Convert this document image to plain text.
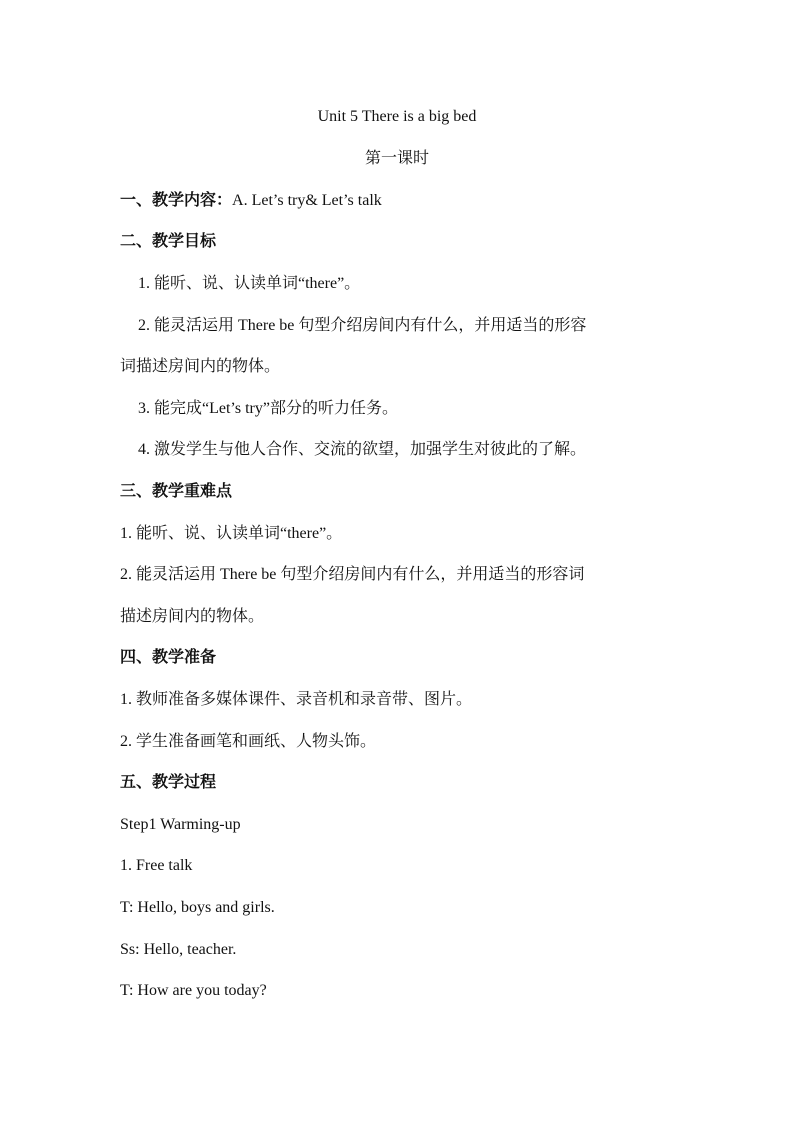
Unit 5 There is a big bed
第一课时
一、教学内容：A. Let’s try& Let’s talk
二、教学目标
1. 能听、说、认读单词“there”。
2. 能灵活运用 There be 句型介绍房间内有什么，并用适当的形容
词描述房间内的物体。
3. 能完成“Let’s try”部分的听力任务。
4. 激发学生与他人合作、交流的欲望，加强学生对彼此的了解。
三、教学重难点
1. 能听、说、认读单词“there”。
2. 能灵活运用 There be 句型介绍房间内有什么，并用适当的形容词
描述房间内的物体。
四、教学准备
1. 教师准备多媒体课件、录音机和录音带、图片。
2. 学生准备画笔和画纸、人物头饰。
五、教学过程
Step1 Warming-up
1. Free talk
T: Hello, boys and girls.
Ss: Hello, teacher.
T: How are you today?
